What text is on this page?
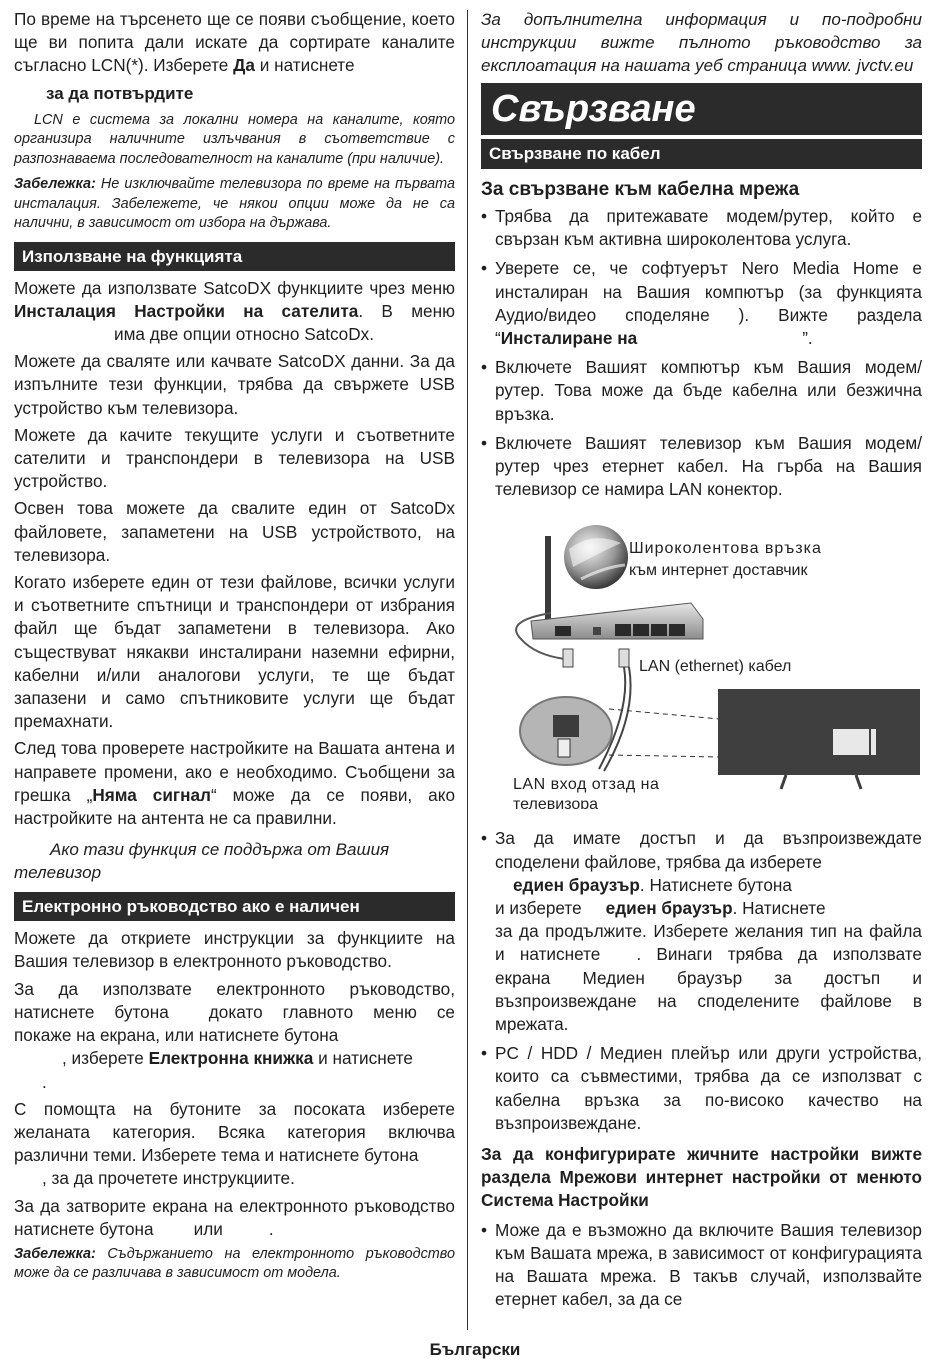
По време на търсенето ще се появи съобщение, което ще ви попита дали искате да сортирате каналите съгласно LCN(*). Изберете Да и натиснете

за да потвърдите

LCN е система за локални номера на каналите, която организира наличните излъчвания в съответствие с разпознаваема последователност на каналите (при наличие).

Забележка: Не изключвайте телевизора по време на първата инсталация. Забележете, че някои опции може да не са налични, в зависимост от избора на държава.

Използване на функцията

Можете да използвате SatcoDX функциите чрез меню Инсталация Настройки на сателита. В менюима две опции относно SatcoDx.

Можете да сваляте или качвате SatcoDX данни. За да изпълните тези функции, трябва да свържете USB устройство към телевизора.

Можете да качите текущите услуги и съответните сателити и транспондери в телевизора на USB устройство.

Освен това можете да свалите един от SatcoDx файловете, запаметени на USB устройството, на телевизора.

Когато изберете един от тези файлове, всички услуги и съответните спътници и транспондери от избрания файл ще бъдат запаметени в телевизора. Ако съществуват някакви инсталирани наземни ефирни, кабелни и/или аналогови услуги, те ще бъдат запазени и само спътниковите услуги ще бъдат премахнати.

След това проверете настройките на Вашата антена и направете промени, ако е необходимо. Съобщени за грешка „Няма сигнал“ може да се появи, ако настройките на антента не са правилни.

Ако тази функция се поддържа от Вашия телевизор

Електронно ръководство ако е наличен

Можете да откриете инструкции за функциите на Вашия телевизор в електронното ръководство.

За да използвате електронното ръководство, натиснете бутона докато главното меню се покаже на екрана, или натиснете бутона
, изберете Електронна книжка и натиснете
.

С помощта на бутоните за посоката изберете желаната категория. Всяка категория включва различни теми. Изберете тема и натиснете бутона
, за да прочетете инструкциите.

За да затворите екрана на електронното ръководство натиснете бутона или	.

Забележка: Съдържанието на електронното ръководство може да се различава в зависимост от модела.

За допълнителна информация и по-подробни инструкции вижте пълното ръководство за експлоатация на нашата уеб страница www. jvctv.eu

Свързване
Свързване по кабел
За свързване към кабелна мрежа
• Трябва да притежавате модем/рутер, който е свързан към активна широколентова услуга.
• Уверете се, че софтуерът Nero Media Home е инсталиран на Вашия компютър (за функцията Аудио/видео споделяне ). Вижте раздела “Инсталиране на	”.
• Включете Вашият компютър към Вашия модем/ рутер. Това може да бъде кабелна или безжична връзка.
• Включете Вашият телевизор към Вашия модем/ рутер чрез етернет кабел. На гърба на Вашия телевизор се намира LAN конектор.
Широколентова връзка
към интернет доставчик
LAN (ethernet) кабел
LAN вход отзад на
телевизора
• За да имате достъп и да възпроизвеждате споделени файлове, трябва да изберете
едиен браузър. Натиснете бутона
и изберете едиен браузър. Натиснете
за да продължите. Изберете желания тип на файла и натиснете . Винаги трябва да използвате екрана Медиен браузър за достъп и възпроизвеждане на споделените файлове в мрежата.
• PC / HDD / Медиен плейър или други устройства, които са съвместими, трябва да се използват с кабелна връзка за по-високо качество на възпроизвеждане.

За да конфигурирате жичните настройки вижте раздела Мрежови интернет настройки от менюто Система Настройки

• Може да е възможно да включите Вашия телевизор към Вашата мрежа, в зависимост от конфигурацията на Вашата мрежа. В такъв случай, използвайте етернет кабел, за да се
Български
